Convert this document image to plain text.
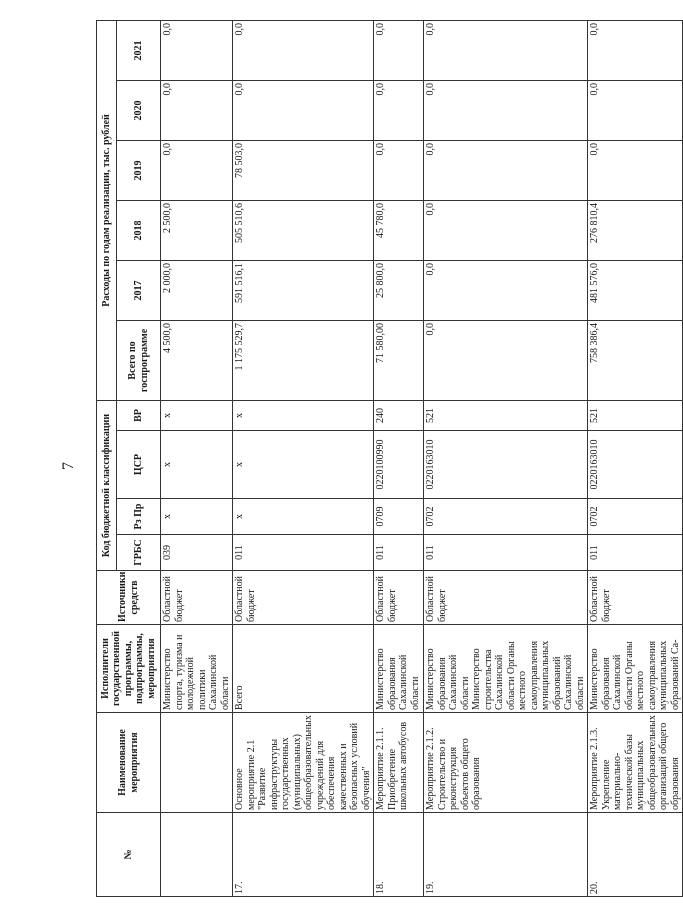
7
№	Наименование мероприятия	Исполнители государственной программы, подпрограммы, мероприятия	Источники средств	Код бюджетной классификации				Расходы по годам реализации, тыс. рублей					
				ГРБС	Рз Пр	ЦСР	ВР	Всего по госпрограмме	2017	2018	2019	2020	2021
		Министерство спорта, туризма и молодежной политики Сахалинской области	Областной бюджет	039	x	x	x	4 500,0	2 000,0	2 500,0	0,0	0,0	0,0
17.	Основное мероприятие 2.1 "Развитие инфраструктуры государственных (муниципальных) общеобразовательных учреждений для обеспечения качественных и безопасных условий обучения"	Всего	Областной бюджет	011	x	x	x	1 175 529,7	591 516,1	505 510,6	78 503,0	0,0	0,0
18.	Мероприятие 2.1.1. Приобретение школьных автобусов	Министерство образования Сахалинской области	Областной бюджет	011	0709	0220100990	240	71 580,00	25 800,0	45 780,0	0,0	0,0	0,0
19.	Мероприятие 2.1.2. Строительство и реконструкция объектов общего образования	Министерство образования Сахалинской области Министерство строительства Сахалинской области Органы местного самоуправления муниципальных образований Сахалинской области	Областной бюджет	011	0702	0220163010	521	0,0	0,0	0,0	0,0	0,0	0,0
20.	Мероприятие 2.1.3. Укрепление материально-технической базы муниципальных общеобразовательных организаций общего образования	Министерство образования Сахалинской области Органы местного самоуправления муниципальных образований Са-	Областной бюджет	011	0702	0220163010	521	758 386,4	481 576,0	276 810,4	0,0	0,0	0,0
